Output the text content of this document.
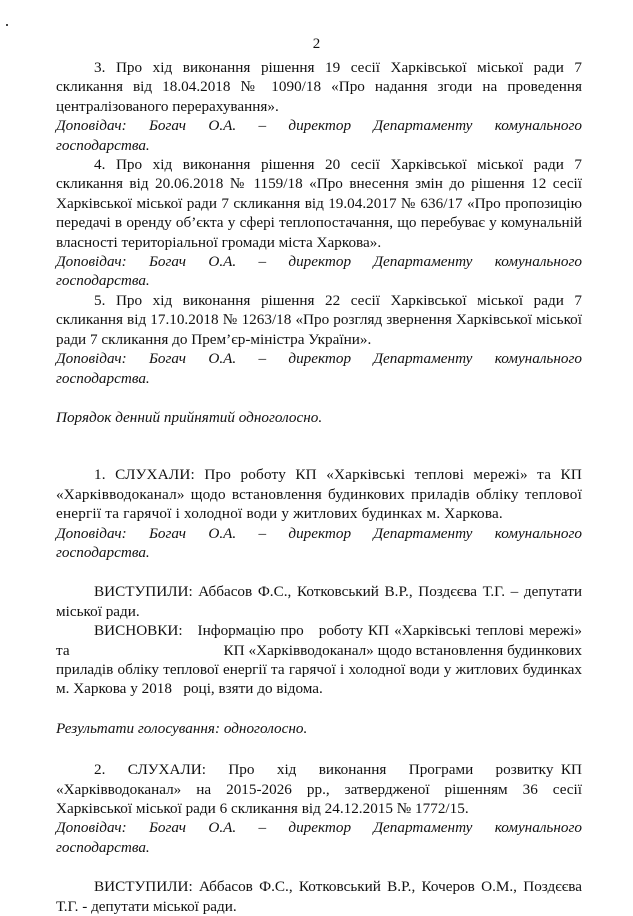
2

3. Про хід виконання рішення 19 сесії Харківської міської ради 7 скликання від 18.04.2018 № 1090/18 «Про надання згоди на проведення централізованого перерахування».

Доповідач: Богач О.А. – директор Департаменту комунального
господарства.

4. Про хід виконання рішення 20 сесії Харківської міської ради 7 скликання від 20.06.2018 № 1159/18 «Про внесення змін до рішення 12 сесії Харківської міської ради 7 скликання від 19.04.2017 № 636/17 «Про пропозицію передачі в оренду об’єкта у сфері теплопостачання, що перебуває у комунальній власності територіальної громади міста Харкова».

Доповідач: Богач О.А. – директор Департаменту комунального
господарства.

5. Про хід виконання рішення 22 сесії Харківської міської ради 7 скликання від 17.10.2018 № 1263/18 «Про розгляд звернення Харківської міської ради 7 скликання до Прем’єр-міністра України».

Доповідач: Богач О.А. – директор Департаменту комунального
господарства.

Порядок денний прийнятий одноголосно.

1. СЛУХАЛИ: Про роботу КП «Харківські теплові мережі» та КП «Харківводоканал» щодо встановлення будинкових приладів обліку теплової енергії та гарячої і холодної води у житлових будинках м. Харкова.

Доповідач: Богач О.А. – директор Департаменту комунального
господарства.

ВИСТУПИЛИ: Аббасов Ф.С., Котковський В.Р., Поздєєва Т.Г. – депутати міської ради.

ВИСНОВКИ:   Інформацію про   роботу КП «Харківські теплові мережі» та                                        КП «Харківводоканал» щодо встановлення будинкових приладів обліку теплової енергії та гарячої і холодної води у житлових будинках м. Харкова у 2018   році, взяти до відома.

Результати голосування: одноголосно.

2.   СЛУХАЛИ:   Про   хід   виконання   Програми   розвитку КП «Харківводоканал» на 2015-2026 рр., затвердженої рішенням 36 сесії Харківської міської ради 6 скликання від 24.12.2015 № 1772/15.

Доповідач: Богач О.А. – директор Департаменту комунального
господарства.

ВИСТУПИЛИ: Аббасов Ф.С., Котковський В.Р., Кочеров О.М., Поздєєва Т.Г. - депутати міської ради.
